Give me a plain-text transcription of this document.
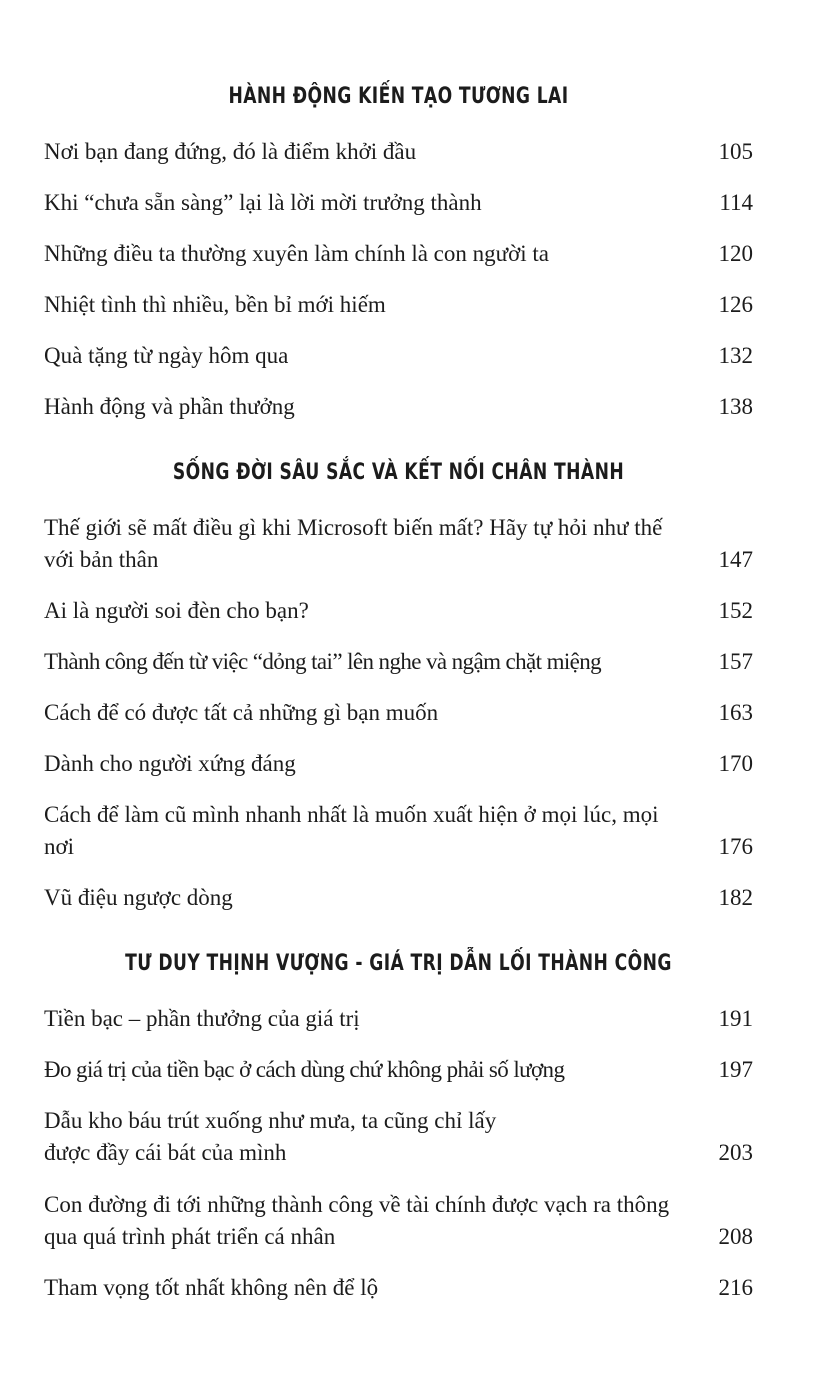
HÀNH ĐỘNG KIẾN TẠO TƯƠNG LAI
Nơi bạn đang đứng, đó là điểm khởi đầu	105
Khi “chưa sẵn sàng” lại là lời mời trưởng thành	114
Những điều ta thường xuyên làm chính là con người ta	120
Nhiệt tình thì nhiều, bền bỉ mới hiếm	126
Quà tặng từ ngày hôm qua	132
Hành động và phần thưởng	138
SỐNG ĐỜI SÂU SẮC VÀ KẾT NỐI CHÂN THÀNH
Thế giới sẽ mất điều gì khi Microsoft biến mất? Hãy tự hỏi như thế với bản thân	147
Ai là người soi đèn cho bạn?	152
Thành công đến từ việc “dỏng tai” lên nghe và ngậm chặt miệng	157
Cách để có được tất cả những gì bạn muốn	163
Dành cho người xứng đáng	170
Cách để làm cũ mình nhanh nhất là muốn xuất hiện ở mọi lúc, mọi nơi	176
Vũ điệu ngược dòng	182
TƯ DUY THỊNH VƯỢNG - GIÁ TRỊ DẪN LỐI THÀNH CÔNG
Tiền bạc – phần thưởng của giá trị	191
Đo giá trị của tiền bạc ở cách dùng chứ không phải số lượng	197
Dẫu kho báu trút xuống như mưa, ta cũng chỉ lấy được đầy cái bát của mình	203
Con đường đi tới những thành công về tài chính được vạch ra thông qua quá trình phát triển cá nhân	208
Tham vọng tốt nhất không nên để lộ	216
